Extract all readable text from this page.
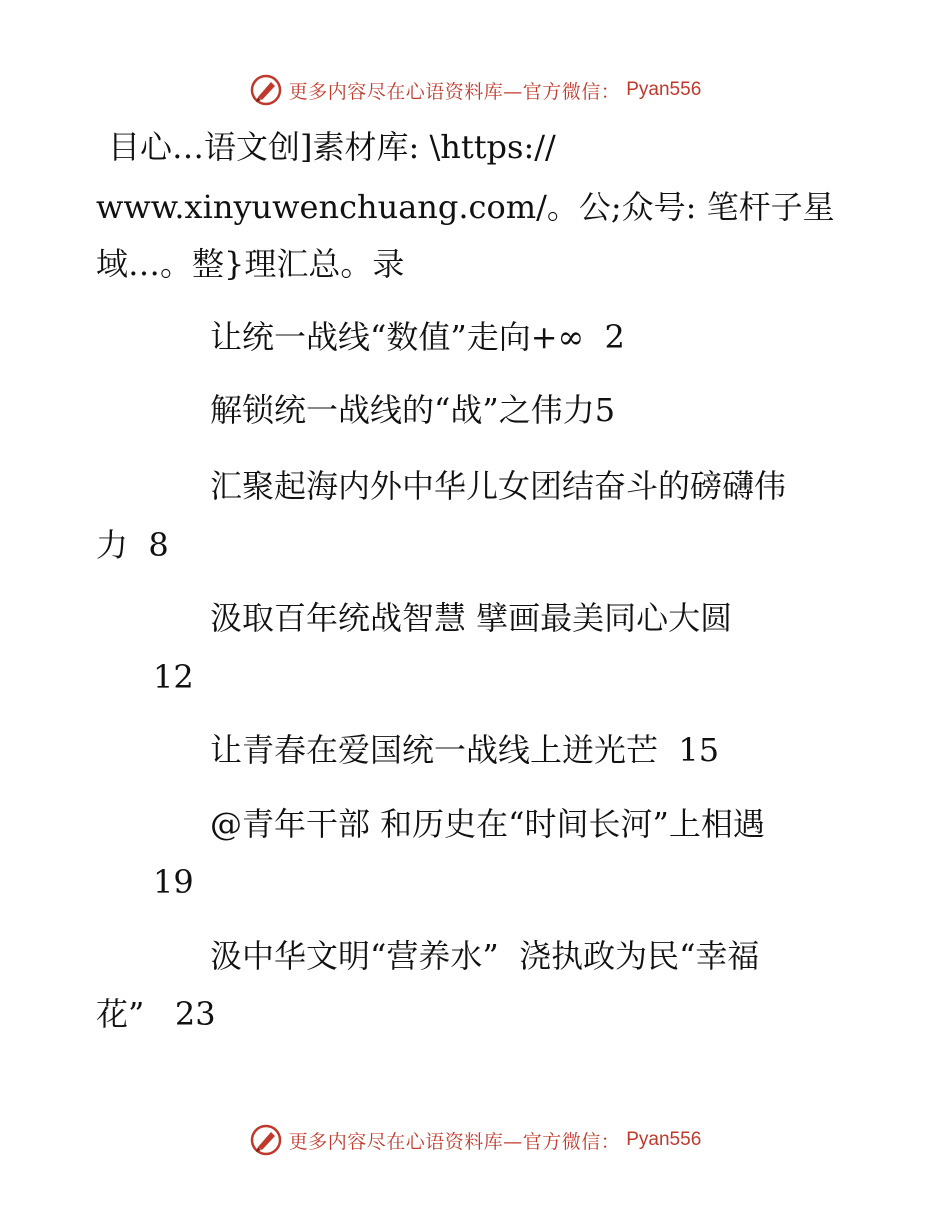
更多内容尽在心语资料库—官方微信： Pyan556
目心…语文创]素材库: \https://
www.xinyuwenchuang.com/。公;众号: 笔杆子星
域…。整}理汇总。录
让统一战线“数值”走向+∞  2
解锁统一战线的“战”之伟力5
汇聚起海内外中华儿女团结奋斗的磅礴伟
力  8
汲取百年统战智慧 擘画最美同心大圆
12
让青春在爱国统一战线上迸光芒  15
@青年干部 和历史在“时间长河”上相遇
19
汲中华文明“营养水”  浇执政为民“幸福
花”   23
更多内容尽在心语资料库—官方微信： Pyan556
